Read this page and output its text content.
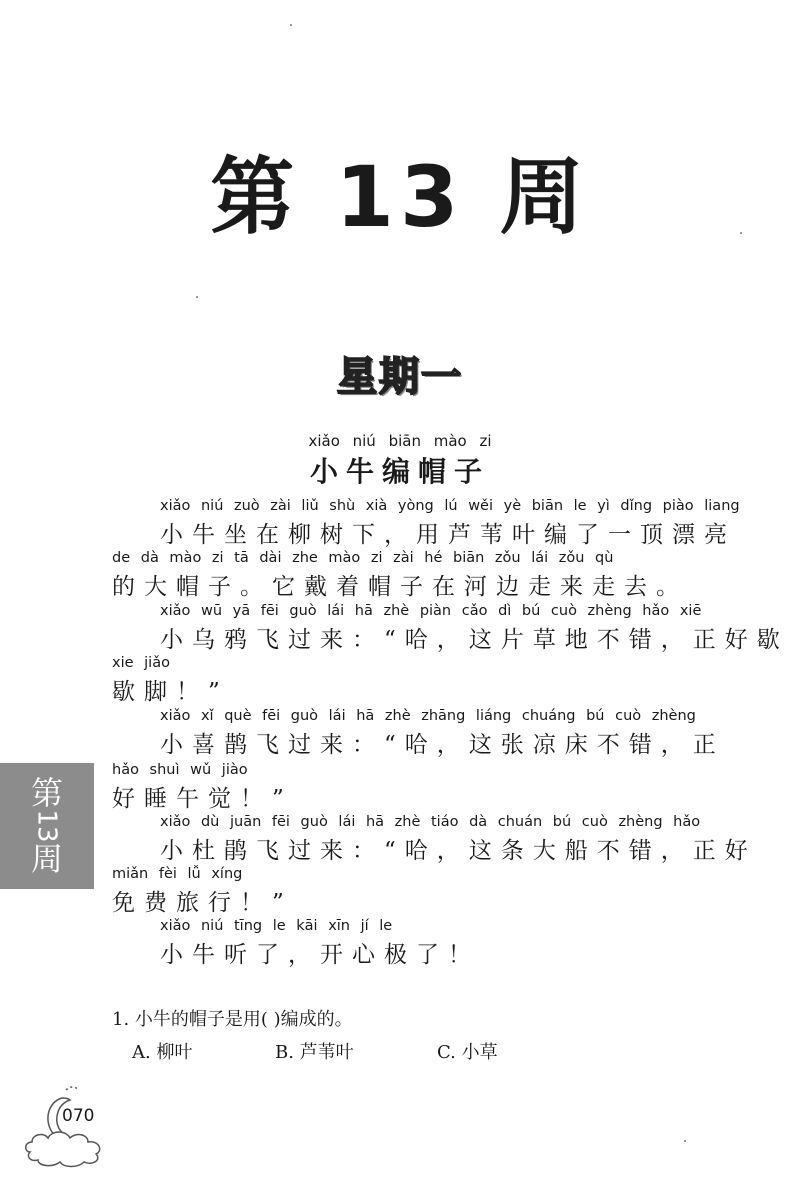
第 13 周
星期一
xiǎo niú biān mào zi
小牛编帽子
xiǎo niú zuò zài liǔ shù xià yòng lú wěi yè biān le yì dǐng piào liang
小牛坐在柳树下，用芦苇叶编了一顶漂亮
de dà mào zi tā dài zhe mào zi zài hé biān zǒu lái zǒu qù
的大帽子。它戴着帽子在河边走来走去。
xiǎo wū yā fēi guò lái hā zhè piàn cǎo dì bú cuò zhèng hǎo xiē
小乌鸦飞过来：“哈，这片草地不错，正好歇
xie jiǎo
歇脚！”
xiǎo xǐ què fēi guò lái hā zhè zhāng liáng chuáng bú cuò zhèng
小喜鹊飞过来：“哈，这张凉床不错，正
hǎo shuì wǔ jiào
好睡午觉！”
xiǎo dù juān fēi guò lái hā zhè tiáo dà chuán bú cuò zhèng hǎo
小杜鹃飞过来：“哈，这条大船不错，正好
miǎn fèi lǚ xíng
免费旅行！”
xiǎo niú tīng le kāi xīn jí le
小牛听了，开心极了！
第
13
周
1. 小牛的帽子是用( )编成的。
A. 柳叶	B. 芦苇叶	C. 小草
070
